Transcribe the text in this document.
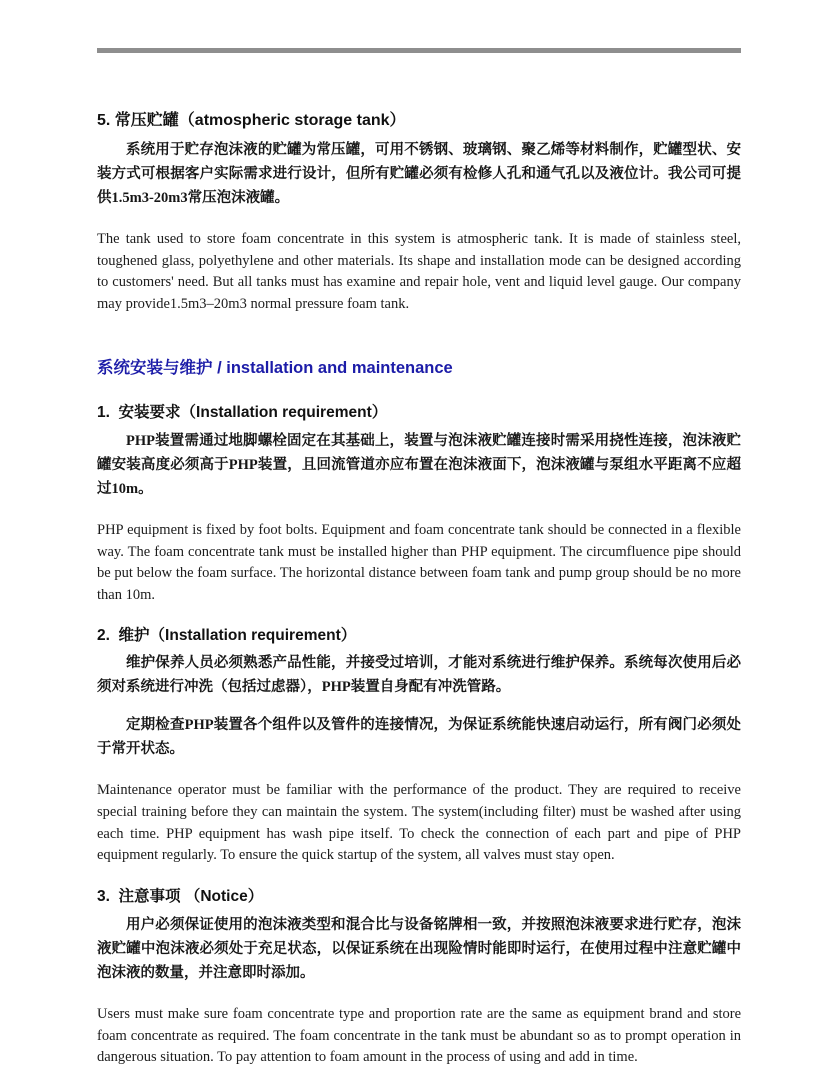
5. 常压贮罐（atmospheric storage tank）

系统用于贮存泡沫液的贮罐为常压罐，可用不锈钢、玻璃钢、聚乙烯等材料制作，贮罐型状、安装方式可根据客户实际需求进行设计，但所有贮罐必须有检修人孔和通气孔以及液位计。我公司可提供1.5m3-20m3常压泡沫液罐。

The tank used to store foam concentrate in this system is atmospheric tank. It is made of stainless steel, toughened glass, polyethylene and other materials. Its shape and installation mode can be designed according to customers' need. But all tanks must has examine and repair hole, vent and liquid level gauge. Our company may provide1.5m3–20m3 normal pressure foam tank.

系统安装与维护 / installation and maintenance
1.  安装要求（Installation requirement）

PHP装置需通过地脚螺栓固定在其基础上，装置与泡沫液贮罐连接时需采用挠性连接，泡沫液贮罐安装高度必须高于PHP装置，且回流管道亦应布置在泡沫液面下，泡沫液罐与泵组水平距离不应超过10m。

PHP equipment is fixed by foot bolts. Equipment and foam concentrate tank should be connected in a flexible way. The foam concentrate tank must be installed higher than PHP equipment. The circumfluence pipe should be put below the foam surface. The horizontal distance between foam tank and pump group should be no more than 10m.

2.  维护（Installation requirement）

维护保养人员必须熟悉产品性能，并接受过培训，才能对系统进行维护保养。系统每次使用后必须对系统进行冲洗（包括过虑器），PHP装置自身配有冲洗管路。

定期检查PHP装置各个组件以及管件的连接情况，为保证系统能快速启动运行，所有阀门必须处于常开状态。

Maintenance operator must be familiar with the performance of the product. They are required to receive special training before they can maintain the system. The system(including filter) must be washed after using each time. PHP equipment has wash pipe itself. To check the connection of each part and pipe of PHP equipment regularly. To ensure the quick startup of the system, all valves must stay open.

3.  注意事项 （Notice）

用户必须保证使用的泡沫液类型和混合比与设备铭牌相一致，并按照泡沫液要求进行贮存，泡沫液贮罐中泡沫液必须处于充足状态，以保证系统在出现险情时能即时运行，在使用过程中注意贮罐中泡沫液的数量，并注意即时添加。

Users must make sure foam concentrate type and proportion rate are the same as equipment brand and store foam concentrate as required. The foam concentrate in the tank must be abundant so as to prompt operation in dangerous situation. To pay attention to foam amount in the process of using and add in time.
